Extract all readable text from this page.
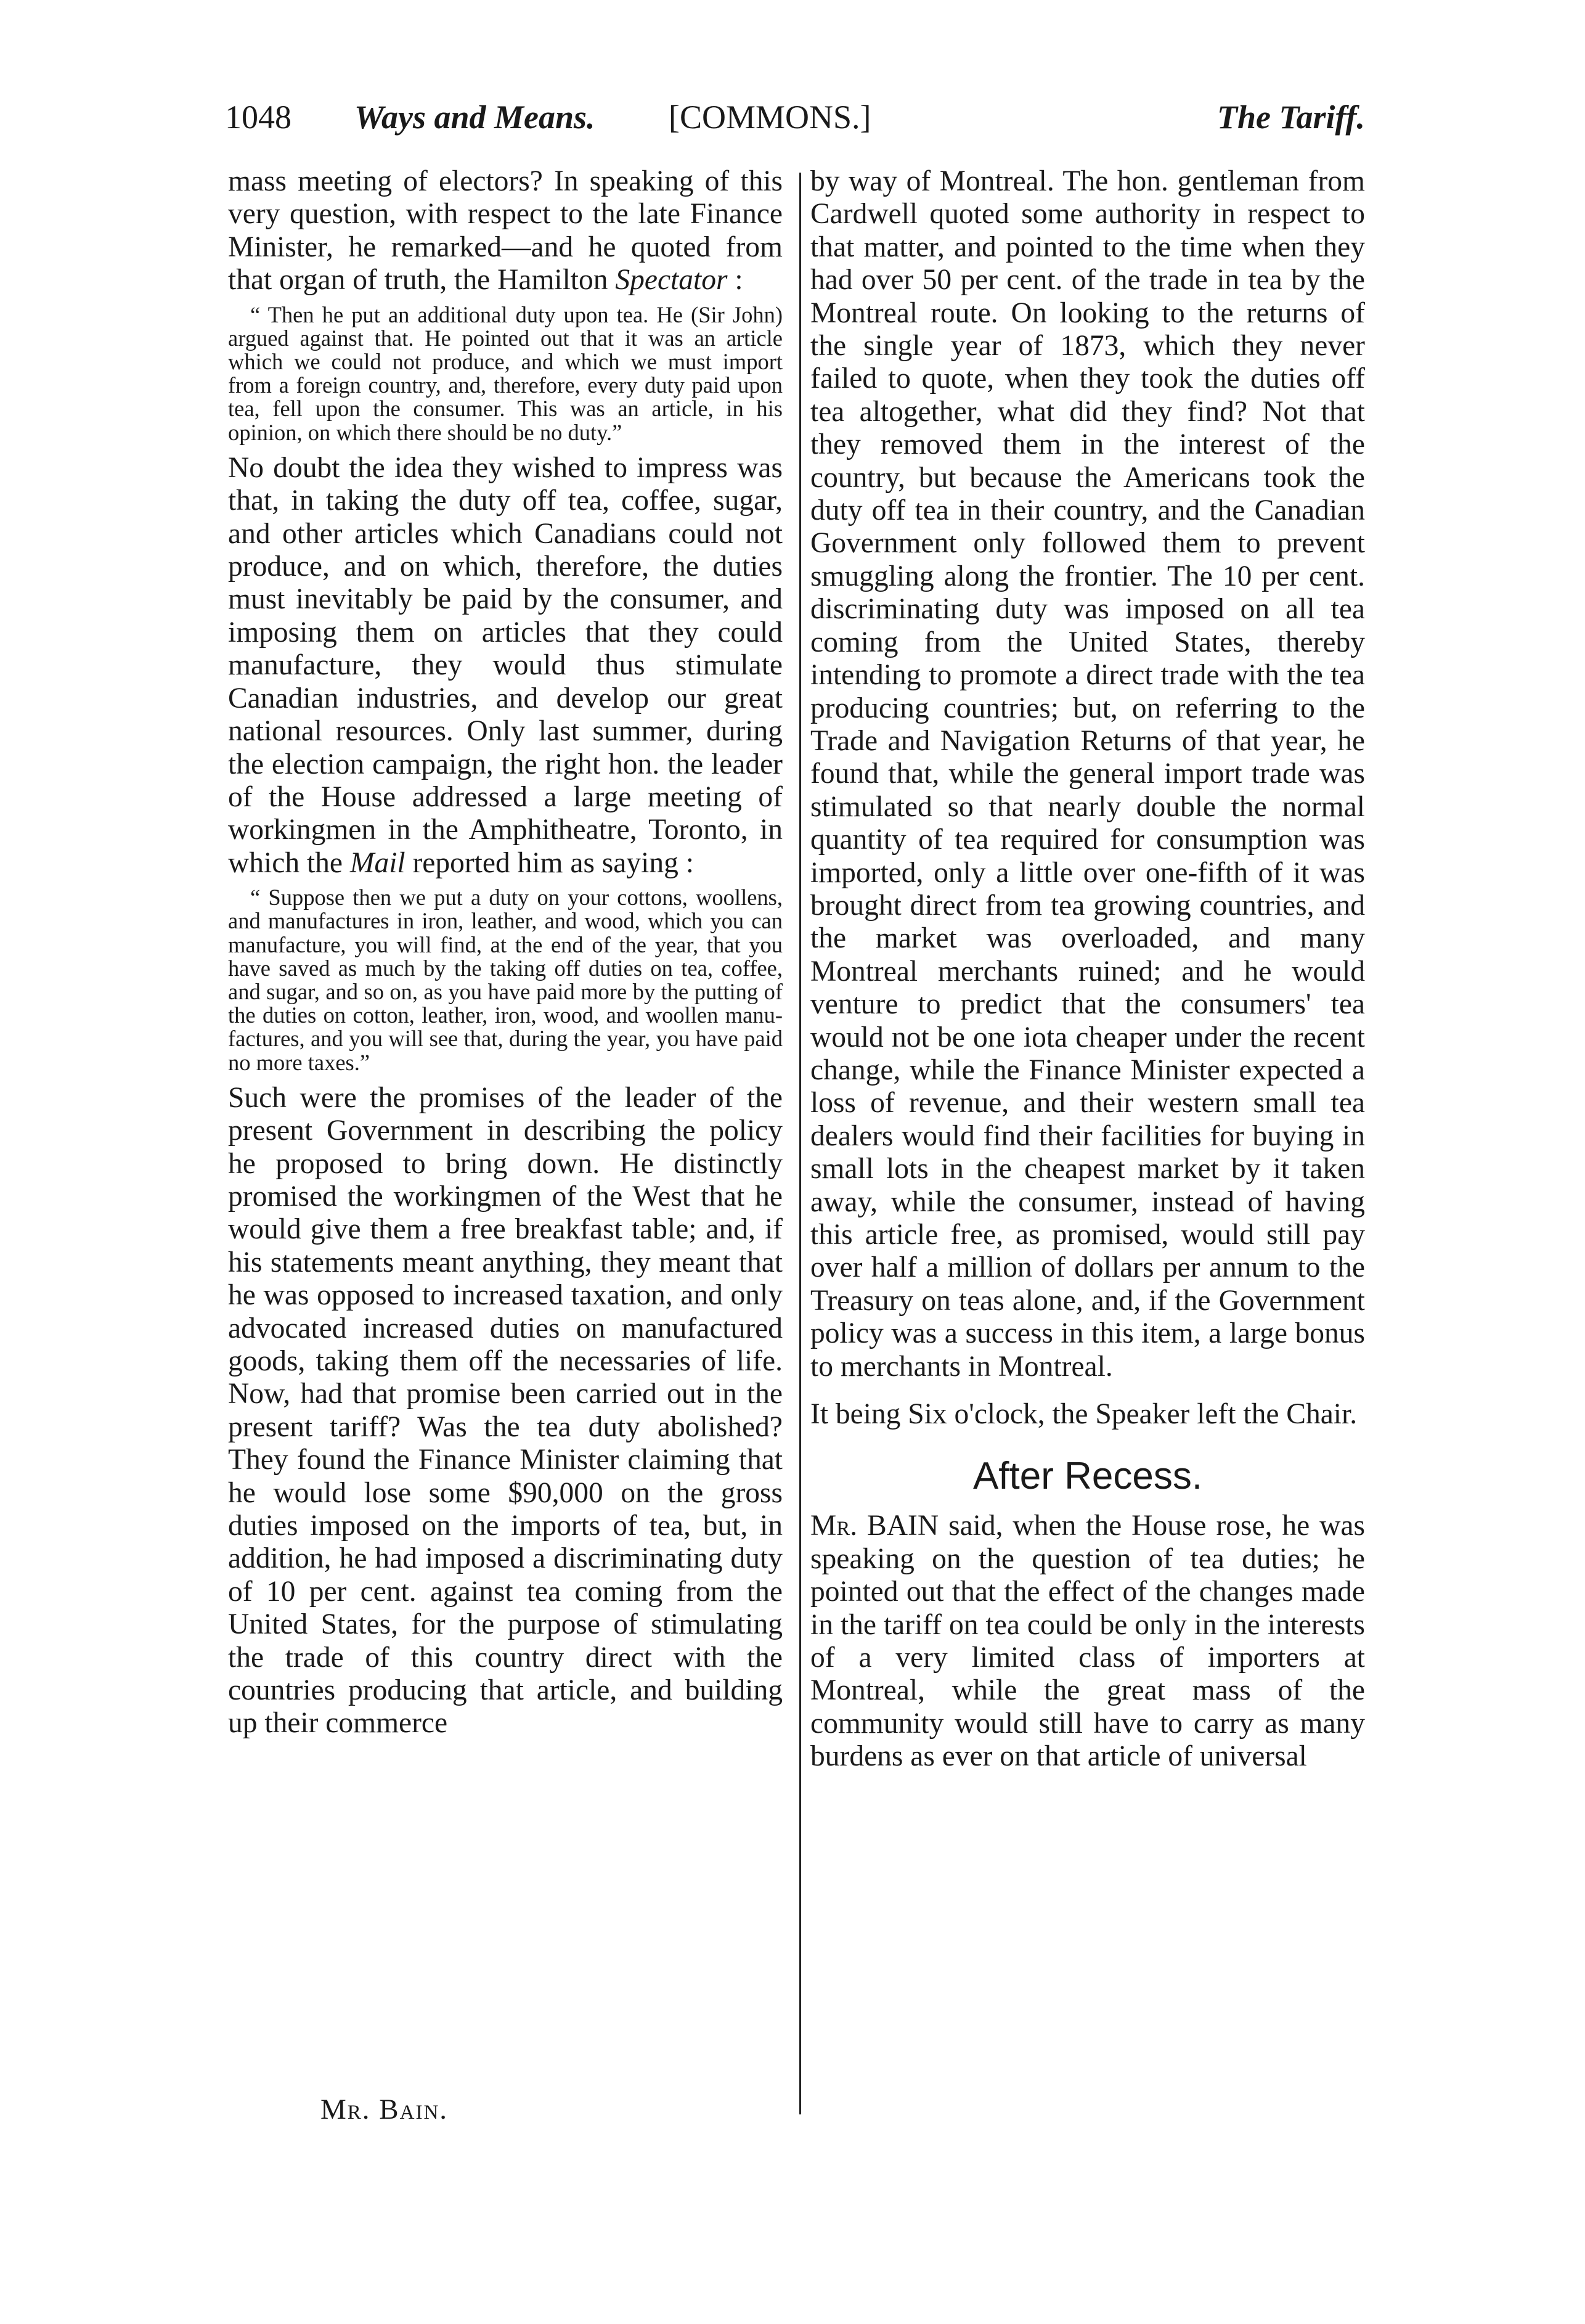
1048 Ways and Means. [COMMONS.]	The Tariff.

mass meeting of electors? In speaking of this very question, with respect to the late Finance Minister, he remarked—and he quoted from that organ of truth, the Hamilton Spectator :

“ Then he put an additional duty upon tea. He (Sir John) argued against that. He pointed out that it was an article which we could not produce, and which we must import from a foreign country, and, therefore, every duty paid upon tea, fell upon the consumer. This was an article, in his opinion, on which there should be no duty.”

No doubt the idea they wished to impress was that, in taking the duty off tea, coffee, sugar, and other articles which Canadians could not produce, and on which, therefore, the duties must inevitably be paid by the consumer, and imposing them on articles that they could manufacture, they would thus stimulate Canadian industries, and develop our great national resources. Only last summer, during the election campaign, the right hon. the leader of the House addressed a large meeting of workingmen in the Amphitheatre, Toronto, in which the Mail reported him as saying :

“ Suppose then we put a duty on your cottons, woollens, and manufactures in iron, leather, and wood, which you can manufacture, you will find, at the end of the year, that you have saved as much by the taking off duties on tea, coffee, and sugar, and so on, as you have paid more by the putting of the duties on cotton, leather, iron, wood, and woollen manufactures, and you will see that, during the year, you have paid no more taxes.”

Such were the promises of the leader of the present Government in describing the policy he proposed to bring down. He distinctly promised the workingmen of the West that he would give them a free breakfast table; and, if his statements meant anything, they meant that he was opposed to increased taxation, and only advocated increased duties on manufactured goods, taking them off the necessaries of life. Now, had that promise been carried out in the present tariff? Was the tea duty abolished? They found the Finance Minister claiming that he would lose some $90,000 on the gross duties imposed on the imports of tea, but, in addition, he had imposed a discriminating duty of 10 per cent. against tea coming from the United States, for the purpose of stimulating the trade of this country direct with the countries producing that article, and building up their commerce

by way of Montreal. The hon. gentleman from Cardwell quoted some authority in respect to that matter, and pointed to the time when they had over 50 per cent. of the trade in tea by the Montreal route. On looking to the returns of the single year of 1873, which they never failed to quote, when they took the duties off tea altogether, what did they find? Not that they removed them in the interest of the country, but because the Americans took the duty off tea in their country, and the Canadian Government only followed them to prevent smuggling along the frontier. The 10 per cent. discriminating duty was imposed on all tea coming from the United States, thereby intending to promote a direct trade with the tea producing countries; but, on referring to the Trade and Navigation Returns of that year, he found that, while the general import trade was stimulated so that nearly double the normal quantity of tea required for consumption was imported, only a little over one-fifth of it was brought direct from tea growing countries, and the market was overloaded, and many Montreal merchants ruined; and he would venture to predict that the consumers' tea would not be one iota cheaper under the recent change, while the Finance Minister expected a loss of revenue, and their western small tea dealers would find their facilities for buying in small lots in the cheapest market by it taken away, while the consumer, instead of having this article free, as promised, would still pay over half a million of dollars per annum to the Treasury on teas alone, and, if the Government policy was a success in this item, a large bonus to merchants in Montreal.

It being Six o'clock, the Speaker left the Chair.

After Recess.

Mr. BAIN said, when the House rose, he was speaking on the question of tea duties; he pointed out that the effect of the changes made in the tariff on tea could be only in the interests of a very limited class of importers at Montreal, while the great mass of the community would still have to carry as many burdens as ever on that article of universal

Mr. Bain.
